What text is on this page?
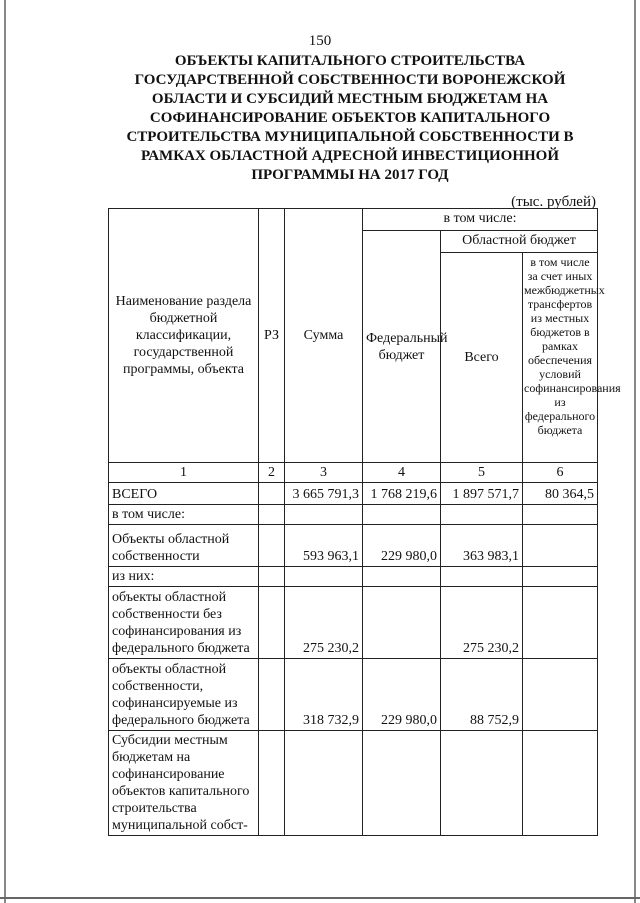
150
ОБЪЕКТЫ КАПИТАЛЬНОГО СТРОИТЕЛЬСТВА ГОСУДАРСТВЕННОЙ СОБСТВЕННОСТИ ВОРОНЕЖСКОЙ ОБЛАСТИ И СУБСИДИЙ МЕСТНЫМ БЮДЖЕТАМ НА СОФИНАНСИРОВАНИЕ ОБЪЕКТОВ КАПИТАЛЬНОГО СТРОИТЕЛЬСТВА МУНИЦИПАЛЬНОЙ СОБСТВЕННОСТИ В РАМКАХ ОБЛАСТНОЙ АДРЕСНОЙ ИНВЕСТИЦИОННОЙ ПРОГРАММЫ НА 2017 ГОД
(тыс. рублей)
Наименование раздела бюджетной классификации, государственной программы, объекта	РЗ	Сумма	в том числе:		
			Федеральный бюджет	Областной бюджет	
				Всего	в том числе за счет иных межбюджетных трансфертов из местных бюджетов в рамках обеспечения условий софинансирования из федерального бюджета
1	2	3	4	5	6
ВСЕГО		3 665 791,3	1 768 219,6	1 897 571,7	80 364,5
в том числе:					
Объекты областной собственности		593 963,1	229 980,0	363 983,1	
из них:					
объекты областной собственности без софинансирования из федерального бюджета		275 230,2		275 230,2	
объекты областной собственности, софинансируемые из федерального бюджета		318 732,9	229 980,0	88 752,9	
Субсидии местным бюджетам на софинансирование объектов капитального строительства муниципальной собст-					
